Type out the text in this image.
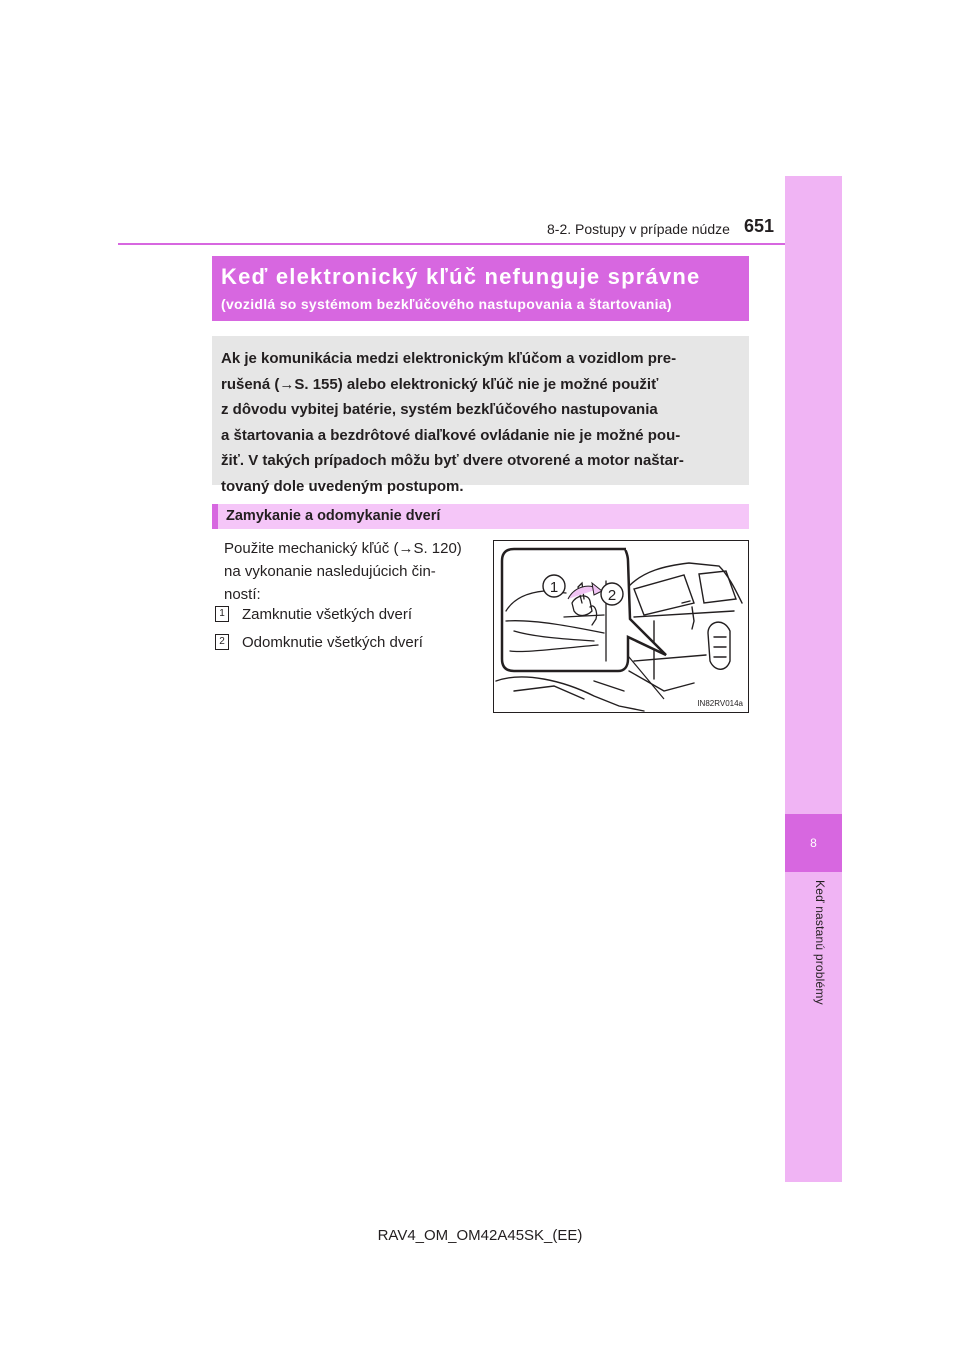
8
Keď nastanú problémy
8-2. Postupy v prípade núdze 651
Keď elektronický kľúč nefunguje správne
(vozidlá so systémom bezkľúčového nastupovania a štartovania)
Ak je komunikácia medzi elektronickým kľúčom a vozidlom pre-
rušená (→S. 155) alebo elektronický kľúč nie je možné použiť
z dôvodu vybitej batérie, systém bezkľúčového nastupovania
a štartovania a bezdrôtové diaľkové ovládanie nie je možné pou-
žiť. V takých prípadoch môžu byť dvere otvorené a motor naštar-
tovaný dole uvedeným postupom.
Zamykanie a odomykanie dverí
Použite mechanický kľúč (→S. 120)
na vykonanie nasledujúcich čin-
ností:
1 Zamknutie všetkých dverí
2 Odomknutie všetkých dverí
1	2
IN82RV014a
RAV4_OM_OM42A45SK_(EE)
